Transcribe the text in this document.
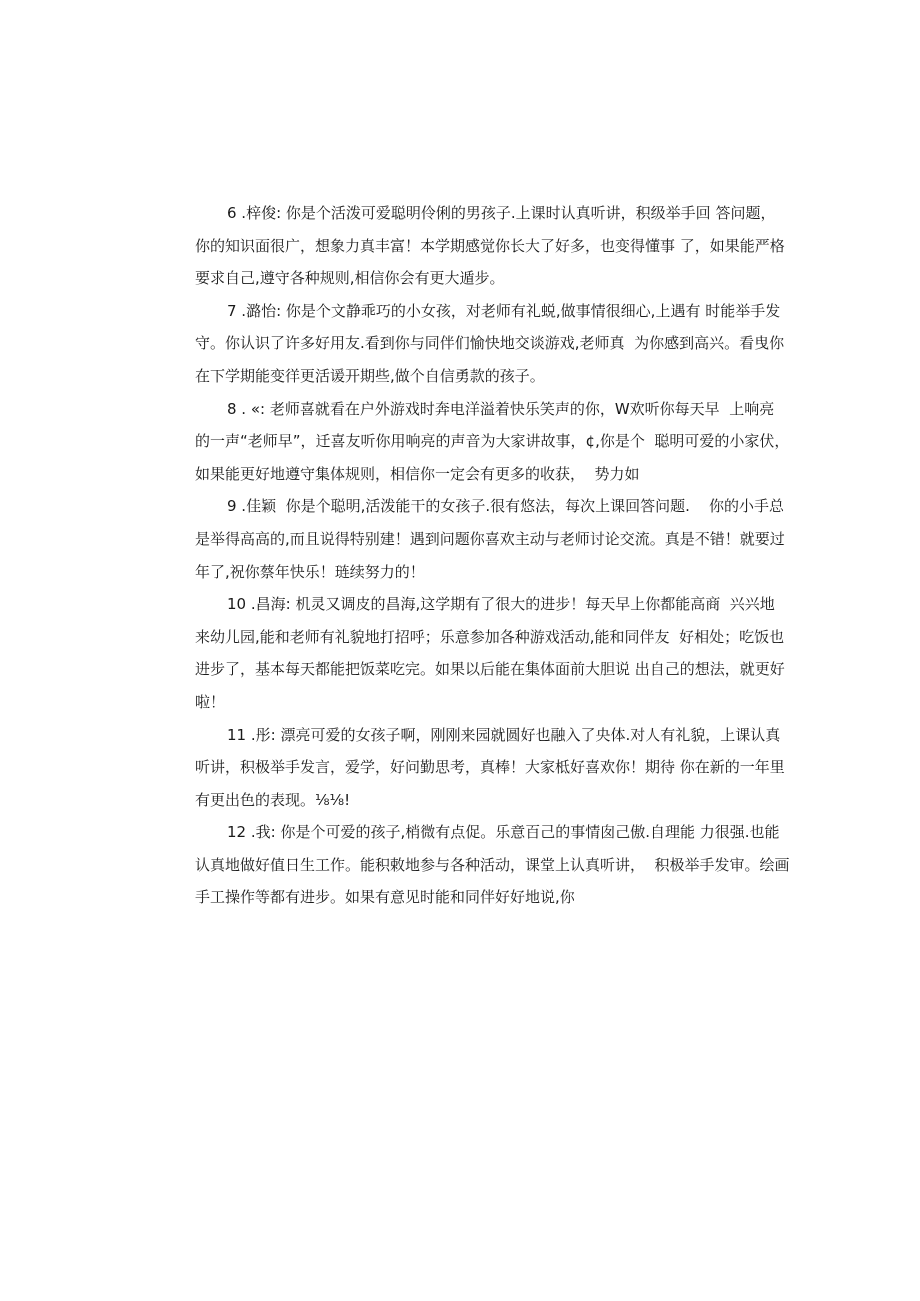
6 .梓俊: 你是个活泼可爱聪明伶俐的男孩子.上课时认真听讲，积级举手回 答问题，
你的知识面很广，想象力真丰富！本学期感觉你长大了好多，也变得懂事 了，如果能严格
要求自己,遵守各种规则,相信你会有更大遁步。
7 .潞怡: 你是个文静乖巧的小女孩，对老师有礼蜕,做事情很细心,上遇有 时能举手发
守。你认识了许多好用友.看到你与同伴们愉快地交谈游戏,老师真  为你感到高兴。看曳你
在下学期能变徉更活谖开期些,做个自信勇款的孩子。
8 . «: 老师喜就看在户外游戏时奔电洋溢着快乐笑声的你，W欢听你每天早  上响亮
的一声“老师早”，迁喜友听你用响亮的声音为大家讲故事，¢,你是个  聪明可爱的小家伏，
如果能更好地遵守集体规则，相信你一定会有更多的收获，  势力如
9 .佳颖  你是个聪明,活泼能干的女孩子.很有悠法，每次上课回答问题.    你的小手总
是举得高高的,而且说得特别建！遇到问题你喜欢主动与老师讨论交流。真是不错！就要过
年了,祝你蔡年快乐！琏续努力的！
10 .昌海: 机灵又调皮的昌海,这学期有了很大的进步！每天早上你都能高商  兴兴地
来幼儿园,能和老师有礼貌地打招呼；乐意参加各种游戏活动,能和同伴友  好相处；吃饭也
进步了，基本每天都能把饭菜吃完。如果以后能在集体面前大胆说 出自己的想法，就更好
啦！
11 .彤: 漂亮可爱的女孩子啊，刚刚来园就圆好也融入了央体.对人有礼貌，上课认真
听讲，积极举手发言，爱学，好问勤思考，真棒！大家柢好喜欢你！期待 你在新的一年里
有更出色的表现。⅛⅛!
12 .我: 你是个可爱的孩子,梢微有点促。乐意百己的事情囱己傲.自理能 力很强.也能
认真地做好值日生工作。能积敕地参与各种活动，课堂上认真听讲，  积极举手发审。绘画
手工操作等都有进步。如果有意见时能和同伴好好地说,你
